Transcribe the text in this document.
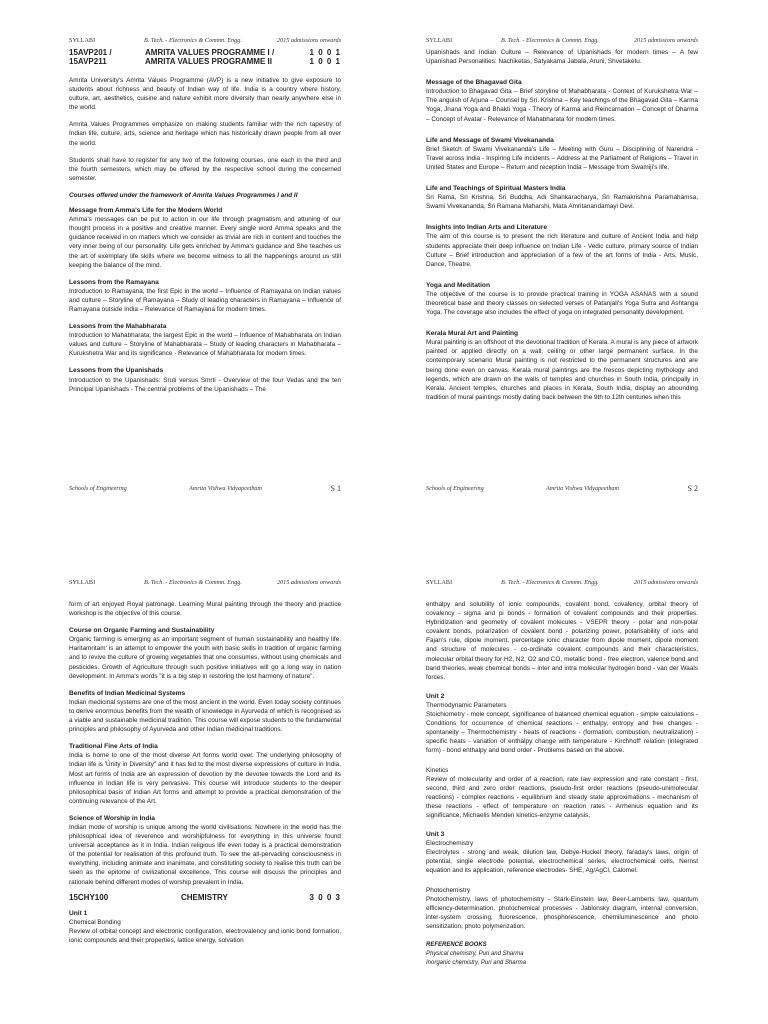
SYLLABI	B. Tech. - Electronics & Commn. Engg.	2015 admissions onwards
15AVP201 /	AMRITA VALUES PROGRAMME I /	1 0 0 1
15AVP211	AMRITA VALUES PROGRAMME II	1 0 0 1

Amrita University's Amrita Values Programme (AVP) is a new initiative to give exposure to students about richness and beauty of Indian way of life. India is a country where history, culture, art, aesthetics, cuisine and nature exhibit more diversity than nearly anywhere else in the world.

Amrita Values Programmes emphasize on making students familiar with the rich tapestry of Indian life, culture, arts, science and heritage which has historically drawn people from all over the world.

Students shall have to register for any two of the following courses, one each in the third and the fourth semesters, which may be offered by the respective school during the concerned semester.

Courses offered under the framework of Amrita Values Programmes I and II

Message from Amma's Life for the Modern World
Amma's messages can be put to action in our life through pragmatism and attuning of our thought process in a positive and creative manner. Every single word Amma speaks and the guidance received in on matters which we consider as trivial are rich in content and touches the very inner being of our personality. Life gets enriched by Amma's guidance and She teaches us the art of exemplary life skills where we become witness to all the happenings around us still keeping the balance of the mind.
Lessons from the Ramayana
Introduction to Ramayana, the first Epic in the world – Influence of Ramayana on Indian values and culture – Storyline of Ramayana – Study of leading characters in Ramayana – Influence of Ramayana outside India – Relevance of Ramayana for modern times.
Lessons from the Mahabharata
Introduction to Mahabharata, the largest Epic in the world – Influence of Mahabharata on Indian values and culture – Storyline of Mahabharata – Study of leading characters in Mahabharata – Kurukshetra War and its significance - Relevance of Mahabharata for modern times.
Lessons from the Upanishads
Introduction to the Upanishads: Sruti versus Smrti - Overview of the four Vedas and the ten Principal Upanishads - The central problems of the Upanishads – The
Schools of Engineering	Amrita Vishwa Vidyapeetham	S 1
SYLLABI	B. Tech. - Electronics & Commn. Engg.	2015 admissions onwards

Upanishads and Indian Culture – Relevance of Upanishads for modern times – A few Upanishad Personalities: Nachiketas, Satyakama Jabala, Aruni, Shvetaketu.

Message of the Bhagavad Gita
Introduction to Bhagavad Gita – Brief storyline of Mahabharata - Context of Kurukshetra War – The anguish of Arjuna – Counsel by Sri. Krishna – Key teachings of the Bhagavad Gita – Karma Yoga, Jnana Yoga and Bhakti Yoga - Theory of Karma and Reincarnation – Concept of Dharma – Concept of Avatar - Relevance of Mahabharata for modern times.
Life and Message of Swami Vivekananda
Brief Sketch of Swami Vivekananda's Life – Meeting with Guru – Disciplining of Narendra - Travel across India - Inspiring Life incidents – Address at the Parliament of Religions – Travel in United States and Europe – Return and reception India – Message from Swamiji's life.
Life and Teachings of Spiritual Masters India
Sri Rama, Sri Krishna, Sri Buddha, Adi Shankaracharya, Sri Ramakrishna Paramahamsa, Swami Vivekananda, Sri Ramana Maharshi, Mata Amritanandamayi Devi.
Insights into Indian Arts and Literature
The aim of this course is to present the rich literature and culture of Ancient India and help students appreciate their deep influence on Indian Life - Vedic culture, primary source of Indian Culture – Brief introduction and appreciation of a few of the art forms of India - Arts, Music, Dance, Theatre.
Yoga and Meditation
The objective of the course is to provide practical training in YOGA ASANAS with a sound theoretical base and theory classes on selected verses of Patanjali's Yoga Sutra and Ashtanga Yoga. The coverage also includes the effect of yoga on integrated personality development.
Kerala Mural Art and Painting
Mural painting is an offshoot of the devotional tradition of Kerala. A mural is any piece of artwork painted or applied directly on a wall, ceiling or other large permanent surface. In the contemporary scenario Mural painting is not restricted to the permanent structures and are being done even on canvas. Kerala mural paintings are the frescos depicting mythology and legends, which are drawn on the walls of temples and churches in South India, principally in Kerala. Ancient temples, churches and places in Kerala, South India, display an abounding tradition of mural paintings mostly dating back between the 9th to 12th centuries when this
Schools of Engineering	Amrita Vishwa Vidyapeetham	S 2
SYLLABI	B. Tech. - Electronics & Commn. Engg.	2015 admissions onwards

form of art enjoyed Royal patronage. Learning Mural painting through the theory and practice workshop is the objective of this course.

Course on Organic Farming and Sustainability
Organic farming is emerging as an important segment of human sustainability and healthy life. Haritamritam' is an attempt to empower the youth with basic skills in tradition of organic farming and to revive the culture of growing vegetables that one consumes, without using chemicals and pesticides. Growth of Agriculture through such positive initiatives will go a long way in nation development. In Amma's words "it is a big step in restoring the lost harmony of nature".
Benefits of Indian Medicinal Systems
Indian medicinal systems are one of the most ancient in the world. Even today society continues to derive enormous benefits from the wealth of knowledge in Ayurveda of which is recognised as a viable and sustainable medicinal tradition. This course will expose students to the fundamental principles and philosophy of Ayurveda and other Indian medicinal traditions.
Traditional Fine Arts of India
India is home to one of the most diverse Art forms world over. The underlying philosophy of Indian life is 'Únity in Diversity" and it has led to the most diverse expressions of culture in India. Most art forms of India are an expression of devotion by the devotee towards the Lord and its influence in Indian life is very pervasive. This course will introduce students to the deeper philosophical basis of Indian Art forms and attempt to provide a practical demonstration of the continuing relevance of the Art.
Science of Worship in India
Indian mode of worship is unique among the world civilisations. Nowhere in the world has the philosophical idea of reverence and worshipfulness for everything in this universe found universal acceptance as it in India. Indian religious life even today is a practical demonstration of the potential for realisation of this profound truth. To see the all-pervading consciousness in everything, including animate and inanimate, and constituting society to realise this truth can be seen as the epitome of civilizational excellence. This course will discuss the principles and rationale behind different modes of worship prevalent in India.
15CHY100	CHEMISTRY	3 0 0 3
Unit 1
Chemical Bonding
Review of orbital concept and electronic configuration, electrovalency and ionic bond formation, ionic compounds and their properties, lattice energy, solvation
SYLLABI	B. Tech. - Electronics & Commn. Engg.	2015 admissions onwards

enthalpy and solubility of ionic compounds, covalent bond, covalency, orbital theory of covalency - sigma and pi bonds - formation of covalent compounds and their properties. Hybridization and geometry of covalent molecules - VSEPR theory - polar and non-polar covalent bonds, polarization of covalent bond - polarizing power, polarisability of ions and Fajan's rule, dipole moment, percentage ionic character from dipole moment, dipole moment and structure of molecules - co-ordinate covalent compounds and their characteristics, molecular orbital theory for H2, N2, O2 and CO, metallic bond - free electron, valence bond and band theories, weak chemical bonds – inter and intra molecular hydrogen bond - van der Waals forces.

Unit 2
Thermodynamic Parameters

Stoichiometry - mole concept, significance of balanced chemical equation - simple calculations - Conditions for occurrence of chemical reactions - enthalpy, entropy and free changes - spontaneity – Thermochemistry - heats of reactions - (formation, combustion, neutralization) - specific heats - variation of enthalpy change with temperature - Kirchhoff' relation (integrated form) - bond enthalpy and bond order - Problems based on the above.

Kinetics

Review of molecularity and order of a reaction, rate law expression and rate constant - first, second, third and zero order reactions, pseudo-first order reactions (pseudo-unimolecular reactions) - complex reactions - equilibrium and steady state approximations - mechanism of these reactions - effect of temperature on reaction rates - Arrhenius equation and its significance, Michaelis Menden kinetics-enzyme catalysis.

Unit 3
Electrochemistry

Electrolytes - strong and weak, dilution law, Debye-Huckel theory, faraday's laws, origin of potential, single electrode potential, electrochemical series, electrochemical cells, Nernst equation and its application, reference electrodes- SHE, Ag/AgCl, Calomel.

Photochemistry

Photochemistry, laws of photochemistry - Stark-Einstein law, Beer-Lamberts law, quantum efficiency-determination, photochemical processes - Jablonsky diagram, internal conversion, inter-system crossing, fluorescence, phosphorescence, chemiluminescence and photo sensitization, photo polymerization.

REFERENCE BOOKS
Physical chemistry, Puri and Sharma
Inorganic chemistry, Puri and Sharma
